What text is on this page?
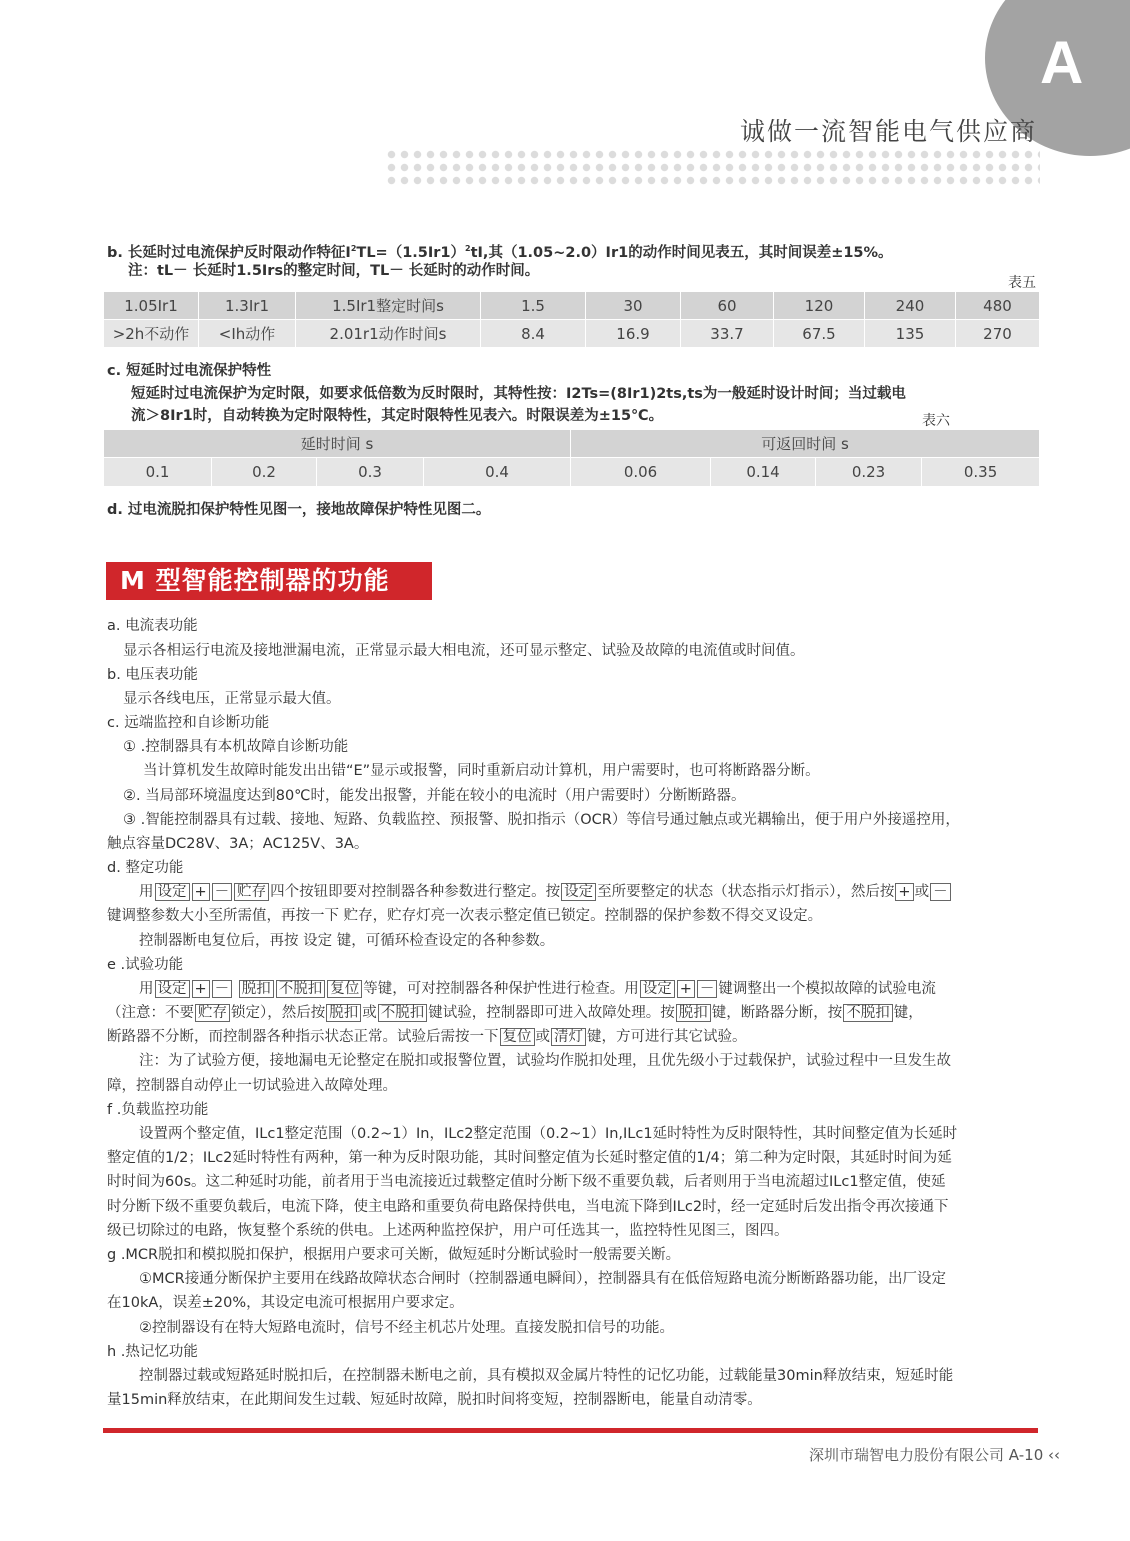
A
诚做一流智能电气供应商
b. 长延时过电流保护反时限动作特征$I^2TL=(1.5Ir1)^2tI$,其（1.05~2.0）Ir1的动作时间见表五，其时间误差±15%。
注：tL－ 长延时1.5Irs的整定时间，TL－ 长延时的动作时间。
表五
1.05Ir1	1.3Ir1	1.5Ir1整定时间s	1.5	30	60	120	240	480
>2h不动作	<Ih动作	2.01r1动作时间s	8.4	16.9	33.7	67.5	135	270
c. 短延时过电流保护特性
短延时过电流保护为定时限，如要求低倍数为反时限时，其特性按：I2Ts=(8Ir1)2ts,ts为一般延时设计时间；当过载电
流＞8Ir1时，自动转换为定时限特性，其定时限特性见表六。时限误差为±15℃。	表六
延时时间 s				可返回时间 s			
0.1	0.2	0.3	0.4	0.06	0.14	0.23	0.35
d. 过电流脱扣保护特性见图一，接地故障保护特性见图二。
M 型智能控制器的功能
a. 电流表功能
显示各相运行电流及接地泄漏电流，正常显示最大相电流，还可显示整定、试验及故障的电流值或时间值。
b. 电压表功能
显示各线电压，正常显示最大值。
c. 远端监控和自诊断功能
① .控制器具有本机故障自诊断功能
当计算机发生故障时能发出出错“E”显示或报警，同时重新启动计算机，用户需要时，也可将断路器分断。
②. 当局部环境温度达到80℃时，能发出报警，并能在较小的电流时（用户需要时）分断断路器。
③ .智能控制器具有过载、接地、短路、负载监控、预报警、脱扣指示（OCR）等信号通过触点或光耦输出，便于用户外接遥控用，
触点容量DC28V、3A；AC125V、3A。
d. 整定功能
用 设定 + － 贮存 四个按钮即要对控制器各种参数进行整定。按 设定 至所要整定的状态（状态指示灯指示），然后按 + 或 －
键调整参数大小至所需值，再按一下 贮存，贮存灯亮一次表示整定值已锁定。控制器的保护参数不得交叉设定。
控制器断电复位后，再按 设定 键，可循环检查设定的各种参数。
e .试验功能
用 设定 + － 脱扣 不脱扣 复位 等键，可对控制器各种保护性进行检查。用 设定 + － 键调整出一个模拟故障的试验电流
（注意：不要 贮存 锁定），然后按 脱扣 或 不脱扣 键试验，控制器即可进入故障处理。按 脱扣 键，断路器分断，按 不脱扣 键，
断路器不分断，而控制器各种指示状态正常。试验后需按一下 复位 或 清灯 键，方可进行其它试验。
注：为了试验方便，接地漏电无论整定在脱扣或报警位置，试验均作脱扣处理，且优先级小于过载保护，试验过程中一旦发生故
障，控制器自动停止一切试验进入故障处理。
f .负载监控功能
设置两个整定值，ILc1整定范围（0.2~1）In，ILc2整定范围（0.2~1）In,ILc1延时特性为反时限特性，其时间整定值为长延时
整定值的1/2；ILc2延时特性有两种，第一种为反时限功能，其时间整定值为长延时整定值的1/4；第二种为定时限，其延时时间为延
时时间为60s。这二种延时功能，前者用于当电流接近过载整定值时分断下级不重要负载，后者则用于当电流超过ILc1整定值，使延
时分断下级不重要负载后，电流下降，使主电路和重要负荷电路保持供电，当电流下降到ILc2时，经一定延时后发出指令再次接通下
级已切除过的电路，恢复整个系统的供电。上述两种监控保护，用户可任选其一，监控特性见图三，图四。
g .MCR脱扣和模拟脱扣保护，根据用户要求可关断，做短延时分断试验时一般需要关断。
①MCR接通分断保护主要用在线路故障状态合闸时（控制器通电瞬间），控制器具有在低倍短路电流分断断路器功能，出厂设定
在10kA，误差±20%，其设定电流可根据用户要求定。
②控制器设有在特大短路电流时，信号不经主机芯片处理。直接发脱扣信号的功能。
h .热记忆功能
控制器过载或短路延时脱扣后，在控制器未断电之前，具有模拟双金属片特性的记忆功能，过载能量30min释放结束，短延时能
量15min释放结束，在此期间发生过载、短延时故障，脱扣时间将变短，控制器断电，能量自动清零。
深圳市瑞智电力股份有限公司 A-10 ‹‹
